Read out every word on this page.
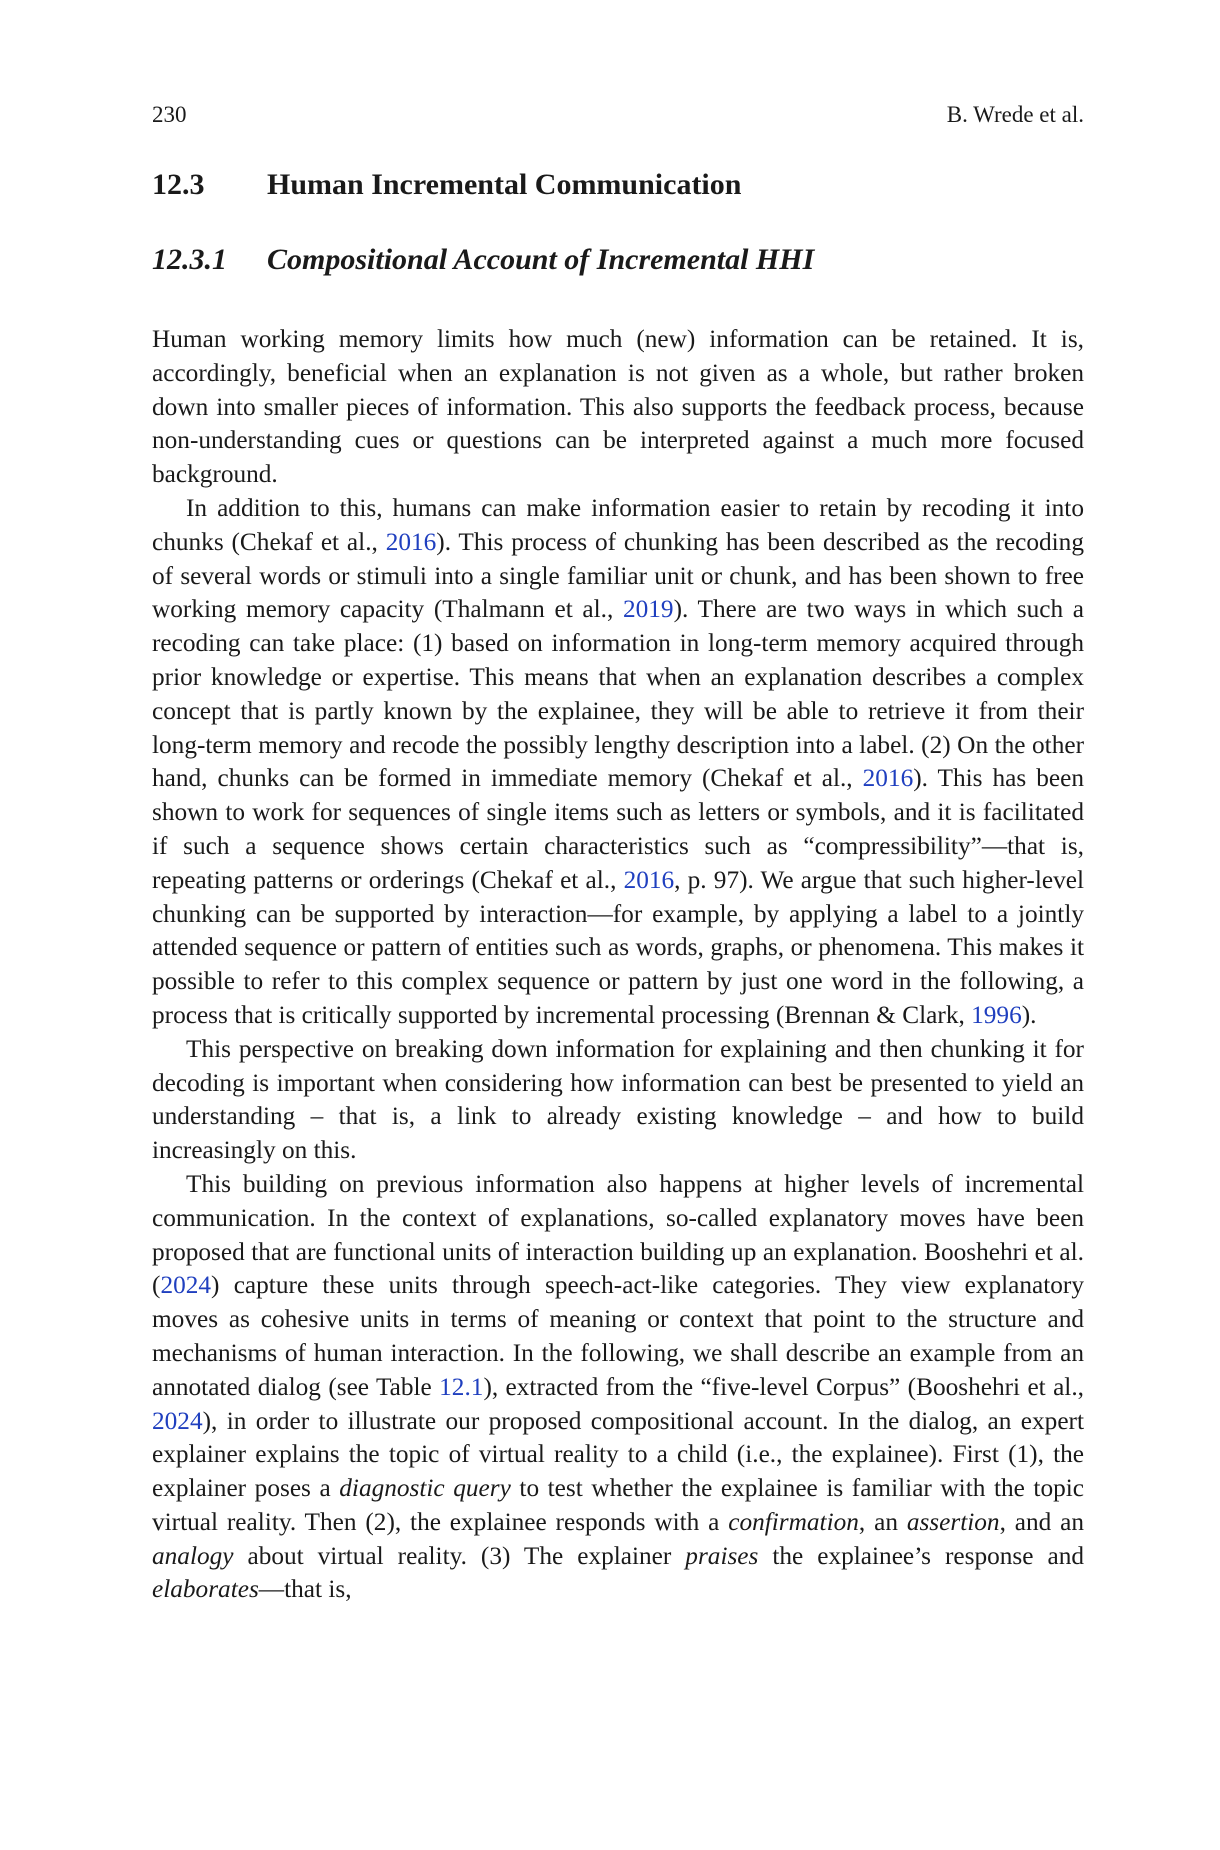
230	B. Wrede et al.
12.3 Human Incremental Communication
12.3.1 Compositional Account of Incremental HHI

Human working memory limits how much (new) information can be retained. It is, accordingly, beneficial when an explanation is not given as a whole, but rather broken down into smaller pieces of information. This also supports the feedback process, because non-understanding cues or questions can be interpreted against a much more focused background.

In addition to this, humans can make information easier to retain by recoding it into chunks (Chekaf et al., 2016). This process of chunking has been described as the recoding of several words or stimuli into a single familiar unit or chunk, and has been shown to free working memory capacity (Thalmann et al., 2019). There are two ways in which such a recoding can take place: (1) based on information in long-term memory acquired through prior knowledge or expertise. This means that when an explanation describes a complex concept that is partly known by the explainee, they will be able to retrieve it from their long-term memory and recode the possibly lengthy description into a label. (2) On the other hand, chunks can be formed in immediate memory (Chekaf et al., 2016). This has been shown to work for sequences of single items such as letters or symbols, and it is facilitated if such a sequence shows certain characteristics such as “compressibility”—that is, repeating patterns or orderings (Chekaf et al., 2016, p. 97). We argue that such higher-level chunking can be supported by interaction—for example, by applying a label to a jointly attended sequence or pattern of entities such as words, graphs, or phenomena. This makes it possible to refer to this complex sequence or pattern by just one word in the following, a process that is critically supported by incremental processing (Brennan & Clark, 1996).

This perspective on breaking down information for explaining and then chunking it for decoding is important when considering how information can best be presented to yield an understanding – that is, a link to already existing knowledge – and how to build increasingly on this.

This building on previous information also happens at higher levels of incremental communication. In the context of explanations, so-called explanatory moves have been proposed that are functional units of interaction building up an explanation. Booshehri et al. (2024) capture these units through speech-act-like categories. They view explanatory moves as cohesive units in terms of meaning or context that point to the structure and mechanisms of human interaction. In the following, we shall describe an example from an annotated dialog (see Table 12.1), extracted from the “five-level Corpus” (Booshehri et al., 2024), in order to illustrate our proposed compositional account. In the dialog, an expert explainer explains the topic of virtual reality to a child (i.e., the explainee). First (1), the explainer poses a diagnostic query to test whether the explainee is familiar with the topic virtual reality. Then (2), the explainee responds with a confirmation, an assertion, and an analogy about virtual reality. (3) The explainer praises the explainee’s response and elaborates—that is,
